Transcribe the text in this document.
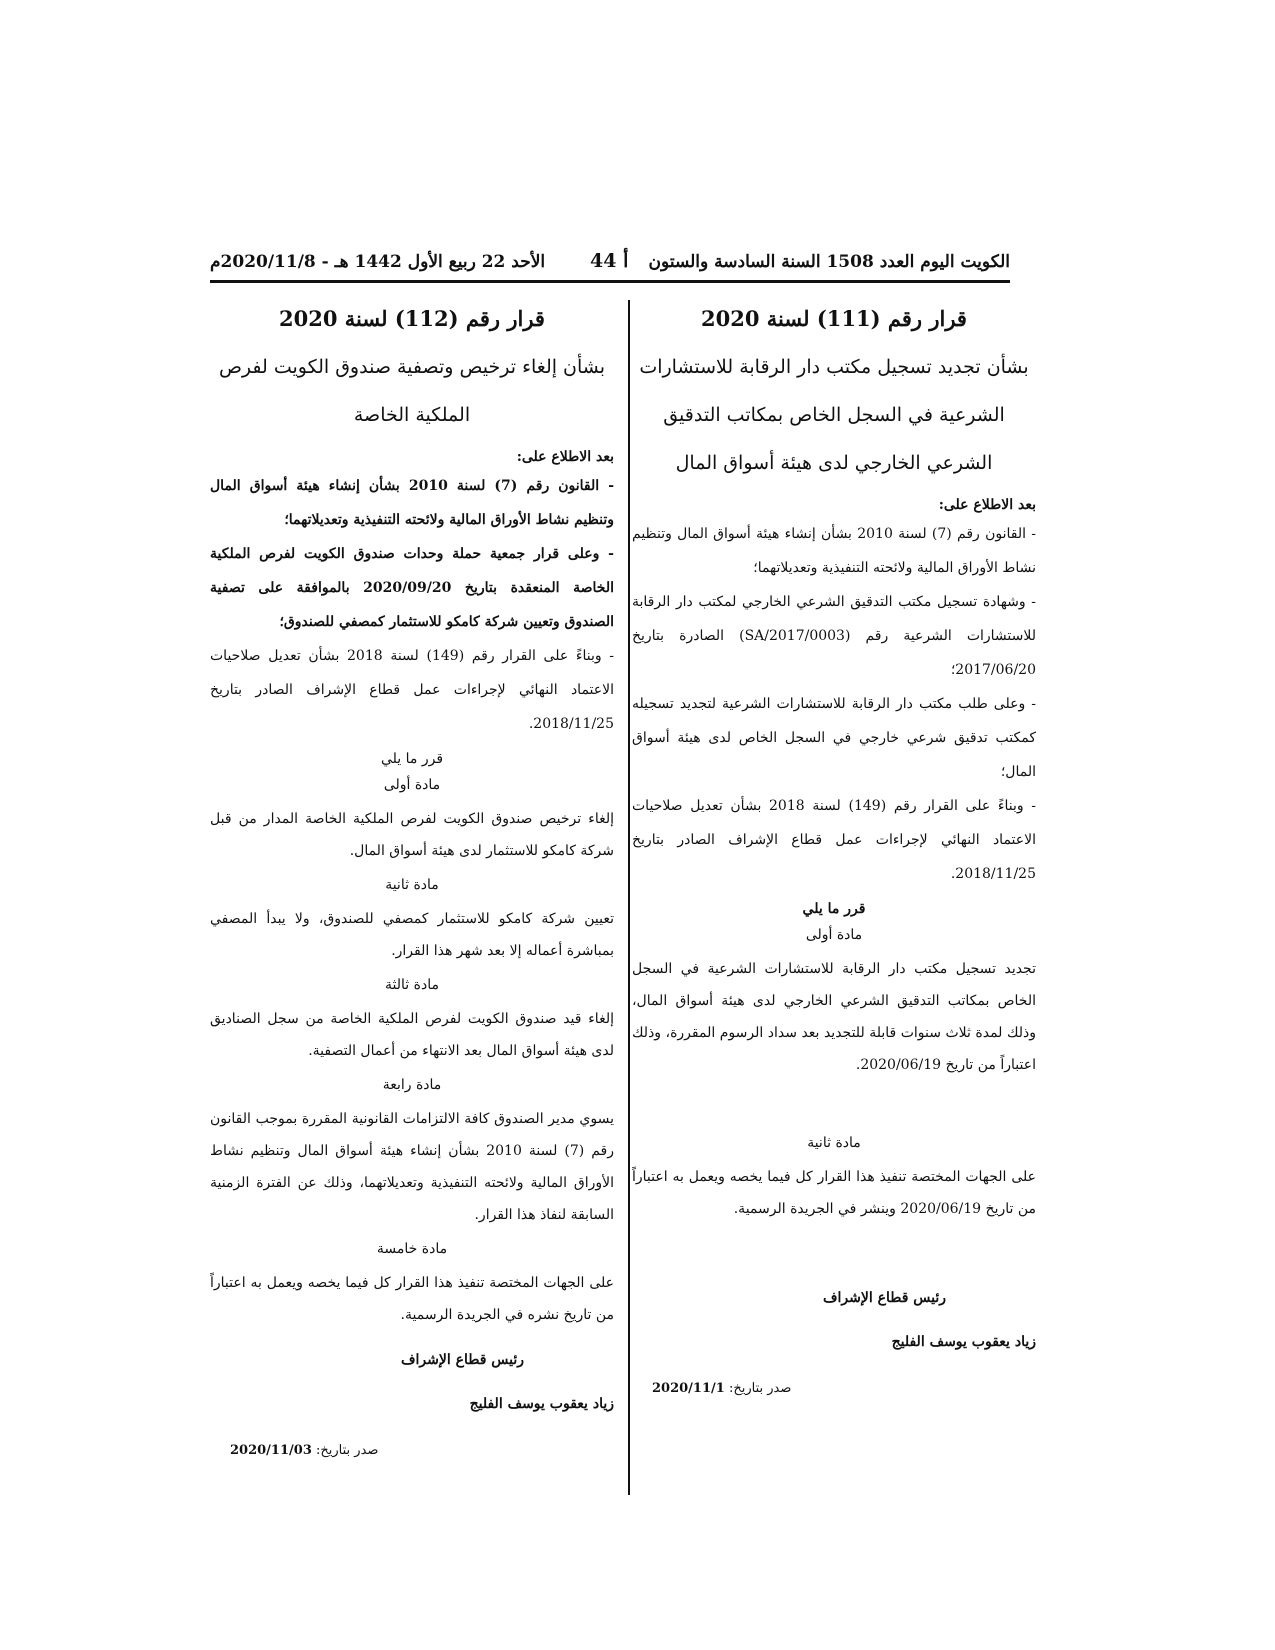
الكويت اليوم العدد 1508 السنة السادسة والستون
أ 44
الأحد 22 ربيع الأول 1442 هـ - 2020/11/8م
قرار رقم (111) لسنة 2020
بشأن تجديد تسجيل مكتب دار الرقابة للاستشارات الشرعية في السجل الخاص بمكاتب التدقيق الشرعي الخارجي لدى هيئة أسواق المال
بعد الاطلاع على:

- القانون رقم (7) لسنة 2010 بشأن إنشاء هيئة أسواق المال وتنظيم نشاط الأوراق المالية ولائحته التنفيذية وتعديلاتهما؛

- وشهادة تسجيل مكتب التدقيق الشرعي الخارجي لمكتب دار الرقابة للاستشارات الشرعية رقم (SA/2017/0003) الصادرة بتاريخ 2017/06/20؛

- وعلى طلب مكتب دار الرقابة للاستشارات الشرعية لتجديد تسجيله كمكتب تدقيق شرعي خارجي في السجل الخاص لدى هيئة أسواق المال؛

- وبناءً على القرار رقم (149) لسنة 2018 بشأن تعديل صلاحيات الاعتماد النهائي لإجراءات عمل قطاع الإشراف الصادر بتاريخ 2018/11/25.

قرر ما يلي
مادة أولى

تجديد تسجيل مكتب دار الرقابة للاستشارات الشرعية في السجل الخاص بمكاتب التدقيق الشرعي الخارجي لدى هيئة أسواق المال، وذلك لمدة ثلاث سنوات قابلة للتجديد بعد سداد الرسوم المقررة، وذلك اعتباراً من تاريخ 2020/06/19.

مادة ثانية

على الجهات المختصة تنفيذ هذا القرار كل فيما يخصه ويعمل به اعتباراً من تاريخ 2020/06/19 وينشر في الجريدة الرسمية.

رئيس قطاع الإشراف
زياد يعقوب يوسف الفليج
صدر بتاريخ: 2020/11/1
قرار رقم (112) لسنة 2020
بشأن إلغاء ترخيص وتصفية صندوق الكويت لفرص الملكية الخاصة
بعد الاطلاع على:

- القانون رقم (7) لسنة 2010 بشأن إنشاء هيئة أسواق المال وتنظيم نشاط الأوراق المالية ولائحته التنفيذية وتعديلاتهما؛

- وعلى قرار جمعية حملة وحدات صندوق الكويت لفرص الملكية الخاصة المنعقدة بتاريخ 2020/09/20 بالموافقة على تصفية الصندوق وتعيين شركة كامكو للاستثمار كمصفي للصندوق؛

- وبناءً على القرار رقم (149) لسنة 2018 بشأن تعديل صلاحيات الاعتماد النهائي لإجراءات عمل قطاع الإشراف الصادر بتاريخ 2018/11/25.

قرر ما يلي
مادة أولى

إلغاء ترخيص صندوق الكويت لفرص الملكية الخاصة المدار من قبل شركة كامكو للاستثمار لدى هيئة أسواق المال.

مادة ثانية

تعيين شركة كامكو للاستثمار كمصفي للصندوق، ولا يبدأ المصفي بمباشرة أعماله إلا بعد شهر هذا القرار.

مادة ثالثة

إلغاء قيد صندوق الكويت لفرص الملكية الخاصة من سجل الصناديق لدى هيئة أسواق المال بعد الانتهاء من أعمال التصفية.

مادة رابعة

يسوي مدير الصندوق كافة الالتزامات القانونية المقررة بموجب القانون رقم (7) لسنة 2010 بشأن إنشاء هيئة أسواق المال وتنظيم نشاط الأوراق المالية ولائحته التنفيذية وتعديلاتهما، وذلك عن الفترة الزمنية السابقة لنفاذ هذا القرار.

مادة خامسة

على الجهات المختصة تنفيذ هذا القرار كل فيما يخصه ويعمل به اعتباراً من تاريخ نشره في الجريدة الرسمية.

رئيس قطاع الإشراف
زياد يعقوب يوسف الفليج
صدر بتاريخ: 2020/11/03
